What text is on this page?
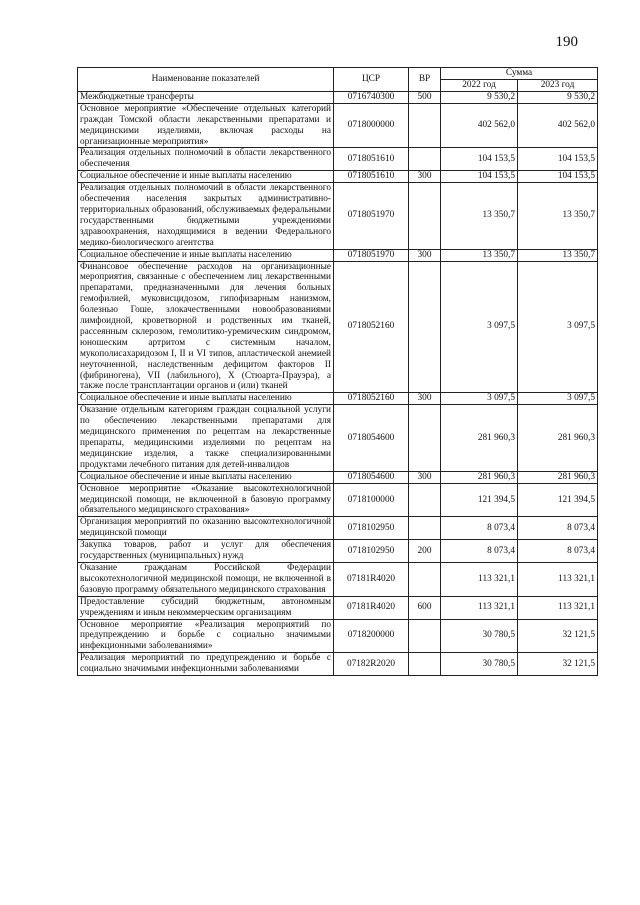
190
Наименование показателей	ЦСР	ВР	Сумма	
			2022 год	2023 год
Межбюджетные трансферты	0716740300	500	9 530,2	9 530,2
Основное мероприятие «Обеспечение отдельных категорий граждан Томской области лекарственными препаратами и медицинскими изделиями, включая расходы на организационные мероприятия»	0718000000		402 562,0	402 562,0
Реализация отдельных полномочий в области лекарственного обеспечения	0718051610		104 153,5	104 153,5
Социальное обеспечение и иные выплаты населению	0718051610	300	104 153,5	104 153,5
Реализация отдельных полномочий в области лекарственного обеспечения населения закрытых административно-территориальных образований, обслуживаемых федеральными государственными бюджетными учреждениями здравоохранения, находящимися в ведении Федерального медико-биологического агентства	0718051970		13 350,7	13 350,7
Социальное обеспечение и иные выплаты населению	0718051970	300	13 350,7	13 350,7
Финансовое обеспечение расходов на организационные мероприятия, связанные с обеспечением лиц лекарственными препаратами, предназначенными для лечения больных гемофилией, муковисцидозом, гипофизарным нанизмом, болезнью Гоше, злокачественными новообразованиями лимфоидной, кроветворной и родственных им тканей, рассеянным склерозом, гемолитико-уремическим синдромом, юношеским артритом с системным началом, мукополисахаридозом I, II и VI типов, апластической анемией неуточненной, наследственным дефицитом факторов II (фибриногена), VII (лабильного), X (Стюарта-Прауэра), а также после трансплантации органов и (или) тканей	0718052160		3 097,5	3 097,5
Социальное обеспечение и иные выплаты населению	0718052160	300	3 097,5	3 097,5
Оказание отдельным категориям граждан социальной услуги по обеспечению лекарственными препаратами для медицинского применения по рецептам на лекарственные препараты, медицинскими изделиями по рецептам на медицинские изделия, а также специализированными продуктами лечебного питания для детей-инвалидов	0718054600		281 960,3	281 960,3
Социальное обеспечение и иные выплаты населению	0718054600	300	281 960,3	281 960,3
Основное мероприятие «Оказание высокотехнологичной медицинской помощи, не включенной в базовую программу обязательного медицинского страхования»	0718100000		121 394,5	121 394,5
Организация мероприятий по оказанию высокотехнологичной медицинской помощи	0718102950		8 073,4	8 073,4
Закупка товаров, работ и услуг для обеспечения государственных (муниципальных) нужд	0718102950	200	8 073,4	8 073,4
Оказание гражданам Российской Федерации высокотехнологичной медицинской помощи, не включенной в базовую программу обязательного медицинского страхования	07181R4020		113 321,1	113 321,1
Предоставление субсидий бюджетным, автономным учреждениям и иным некоммерческим организациям	07181R4020	600	113 321,1	113 321,1
Основное мероприятие «Реализация мероприятий по предупреждению и борьбе с социально значимыми инфекционными заболеваниями»	0718200000		30 780,5	32 121,5
Реализация мероприятий по предупреждению и борьбе с социально значимыми инфекционными заболеваниями	07182R2020		30 780,5	32 121,5
